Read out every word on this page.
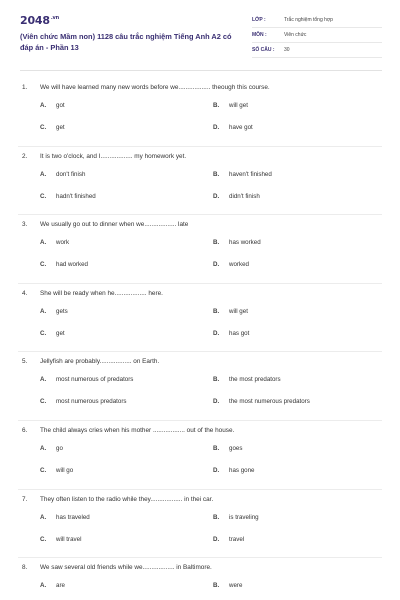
$2048^{.vn}$
(Viên chức Mầm non) 1128 câu trắc nghiệm Tiếng Anh A2 có đáp án - Phần 13
LỚP :	Trắc nghiệm tổng hợp
MÔN :	Viên chức
SỐ CÂU : 30
1. We will have learned many new words before we.................. theough this course.
A. got	B. will get
C. get	D. have got
2. It is two o'clock, and I.................. my homework yet.
A. don't finish	B. haven't finished
C. hadn't finished	D. didn't finish
3. We usually go out to dinner when we.................. late
A. work	B. has worked
C. had worked	D. worked
4. She will be ready when he.................. here.
A. gets	B. will get
C. get	D. has got
5. Jellyfish are probably.................. on Earth.
A. most numerous of predators	B. the most predators
C. most numerous predators	D. the most numerous predators
6. The child always cries when his mother .................. out of the house.
A. go	B. goes
C. will go	D. has gone
7. They often listen to the radio while they.................. in thei car.
A. has traveled	B. is traveling
C. will travel	D. travel
8. We saw several old friends while we.................. in Baltimore.
A. are	B. were
